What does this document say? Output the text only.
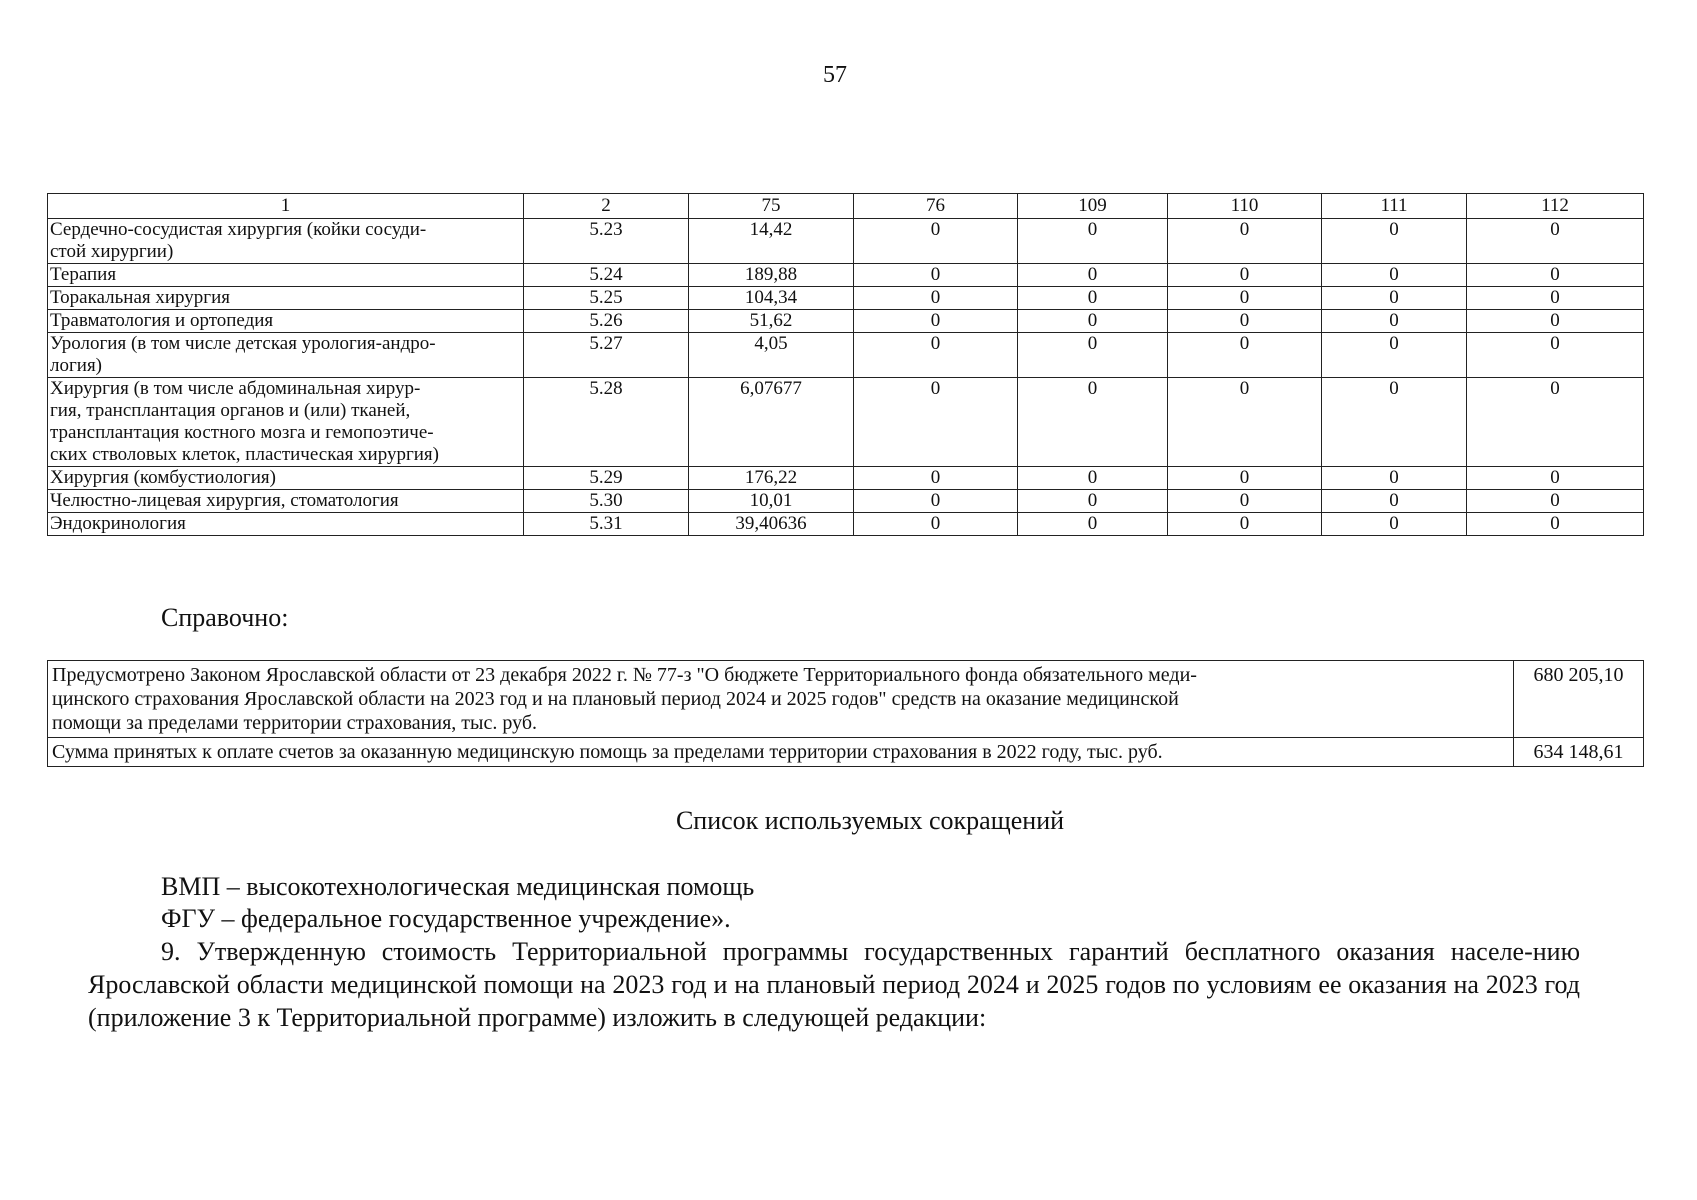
57
1	2	75	76	109	110	111	112
Сердечно-сосудистая хирургия (койки сосуди-
стой хирургии)	5.23	14,42	0	0	0	0	0
Терапия	5.24	189,88	0	0	0	0	0
Торакальная хирургия	5.25	104,34	0	0	0	0	0
Травматология и ортопедия	5.26	51,62	0	0	0	0	0
Урология (в том числе детская урология-андро-
логия)	5.27	4,05	0	0	0	0	0
Хирургия (в том числе абдоминальная хирур-
гия, трансплантация органов и (или) тканей,
трансплантация костного мозга и гемопоэтиче-
ских стволовых клеток, пластическая хирургия)	5.28	6,07677	0	0	0	0	0
Хирургия (комбустиология)	5.29	176,22	0	0	0	0	0
Челюстно-лицевая хирургия, стоматология	5.30	10,01	0	0	0	0	0
Эндокринология	5.31	39,40636	0	0	0	0	0
Справочно:
Предусмотрено Законом Ярославской области от 23 декабря 2022 г. № 77-з "О бюджете Территориального фонда обязательного меди-
цинского страхования Ярославской области на 2023 год и на плановый период 2024 и 2025 годов" средств на оказание медицинской
помощи за пределами территории страхования, тыс. руб.	680 205,10
Сумма принятых к оплате счетов за оказанную медицинскую помощь за пределами территории страхования в 2022 году, тыс. руб.	634 148,61
Список используемых сокращений
ВМП – высокотехнологическая медицинская помощь
ФГУ – федеральное государственное учреждение».
9. Утвержденную стоимость Территориальной программы государственных гарантий бесплатного оказания населе-нию Ярославской области медицинской помощи на 2023 год и на плановый период 2024 и 2025 годов по условиям ее оказания на 2023 год (приложение 3 к Территориальной программе) изложить в следующей редакции:
